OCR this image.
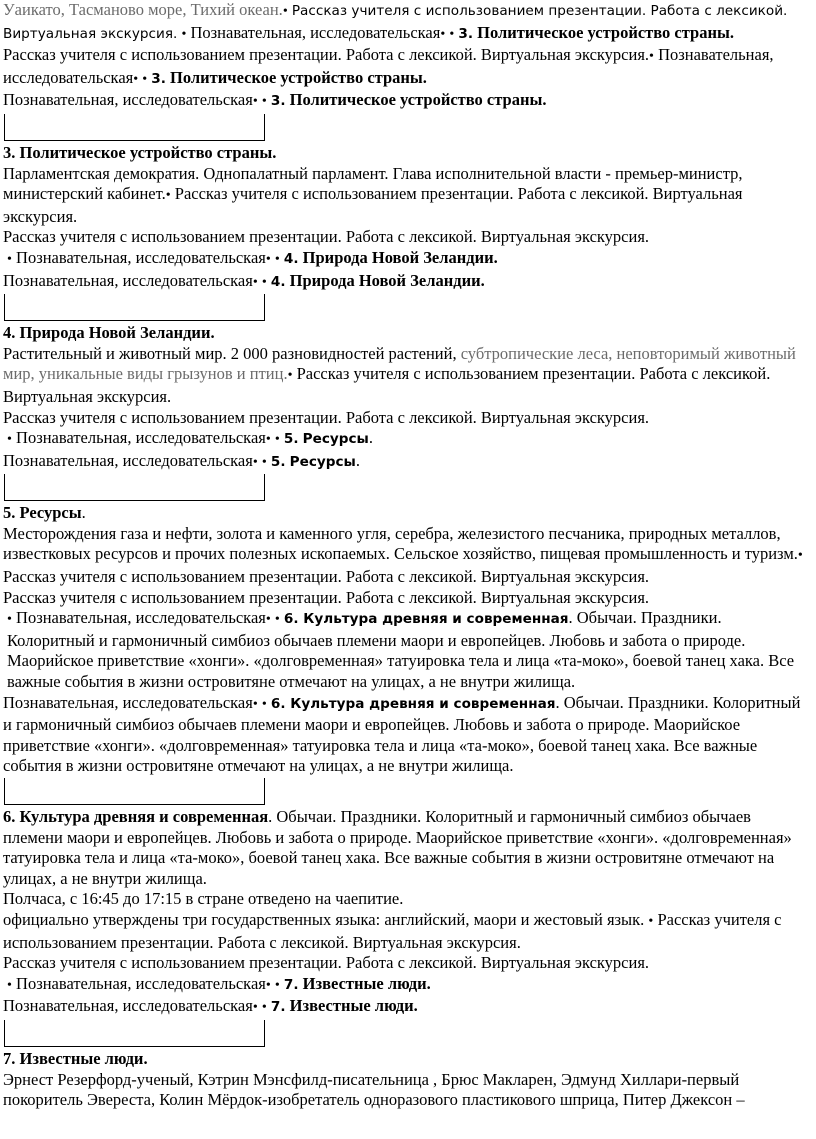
Уаикато, Тасманово море, Тихий океан.• Рассказ учителя с использованием презентации. Работа с лексикой. Виртуальная экскурсия. • Познавательная, исследовательская• • 3. Политическое устройство страны.

Рассказ учителя с использованием презентации. Работа с лексикой. Виртуальная экскурсия.• Познавательная, исследовательская• • 3. Политическое устройство страны.

Познавательная, исследовательская• • 3. Политическое устройство страны.

3. Политическое устройство страны.

Парламентская демократия. Однопалатный парламент. Глава исполнительной власти - премьер-министр, министерский кабинет.• Рассказ учителя с использованием презентации. Работа с лексикой. Виртуальная экскурсия.

Рассказ учителя с использованием презентации. Работа с лексикой. Виртуальная экскурсия.

• Познавательная, исследовательская• • 4. Природа Новой Зеландии.

Познавательная, исследовательская• • 4. Природа Новой Зеландии.

4. Природа Новой Зеландии.

Растительный и животный мир. 2 000 разновидностей растений, субтропические леса, неповторимый животный мир, уникальные виды грызунов и птиц.• Рассказ учителя с использованием презентации. Работа с лексикой. Виртуальная экскурсия.

Рассказ учителя с использованием презентации. Работа с лексикой. Виртуальная экскурсия.

• Познавательная, исследовательская• • 5. Ресурсы.

Познавательная, исследовательская• • 5. Ресурсы.

5. Ресурсы.

Месторождения газа и нефти, золота и каменного угля, серебра, железистого песчаника, природных металлов, известковых ресурсов и прочих полезных ископаемых. Сельское хозяйство, пищевая промышленность и туризм.• Рассказ учителя с использованием презентации. Работа с лексикой. Виртуальная экскурсия.

Рассказ учителя с использованием презентации. Работа с лексикой. Виртуальная экскурсия.

• Познавательная, исследовательская• • 6. Культура древняя и современная. Обычаи. Праздники. Колоритный и гармоничный симбиоз обычаев племени маори и европейцев. Любовь и забота о природе. Маорийское приветствие «хонги». «долговременная» татуировка тела и лица «та-моко», боевой танец хака. Все важные события в жизни островитяне отмечают на улицах, а не внутри жилища.

Познавательная, исследовательская• • 6. Культура древняя и современная. Обычаи. Праздники. Колоритный и гармоничный симбиоз обычаев племени маори и европейцев. Любовь и забота о природе. Маорийское приветствие «хонги». «долговременная» татуировка тела и лица «та-моко», боевой танец хака. Все важные события в жизни островитяне отмечают на улицах, а не внутри жилища.

6. Культура древняя и современная. Обычаи. Праздники. Колоритный и гармоничный симбиоз обычаев племени маори и европейцев. Любовь и забота о природе. Маорийское приветствие «хонги». «долговременная» татуировка тела и лица «та-моко», боевой танец хака. Все важные события в жизни островитяне отмечают на улицах, а не внутри жилища.

Полчаса, с 16:45 до 17:15 в стране отведено на чаепитие.

официально утверждены три государственных языка: английский, маори и жестовый язык. • Рассказ учителя с использованием презентации. Работа с лексикой. Виртуальная экскурсия.

Рассказ учителя с использованием презентации. Работа с лексикой. Виртуальная экскурсия.

• Познавательная, исследовательская• • 7. Известные люди.

Познавательная, исследовательская• • 7. Известные люди.

7. Известные люди.

Эрнест Резерфорд-ученый, Кэтрин Мэнсфилд-писательница , Брюс Макларен, Эдмунд Хиллари-первый покоритель Эвереста, Колин Мёрдок-изобретатель одноразового пластикового шприца, Питер Джексон –
